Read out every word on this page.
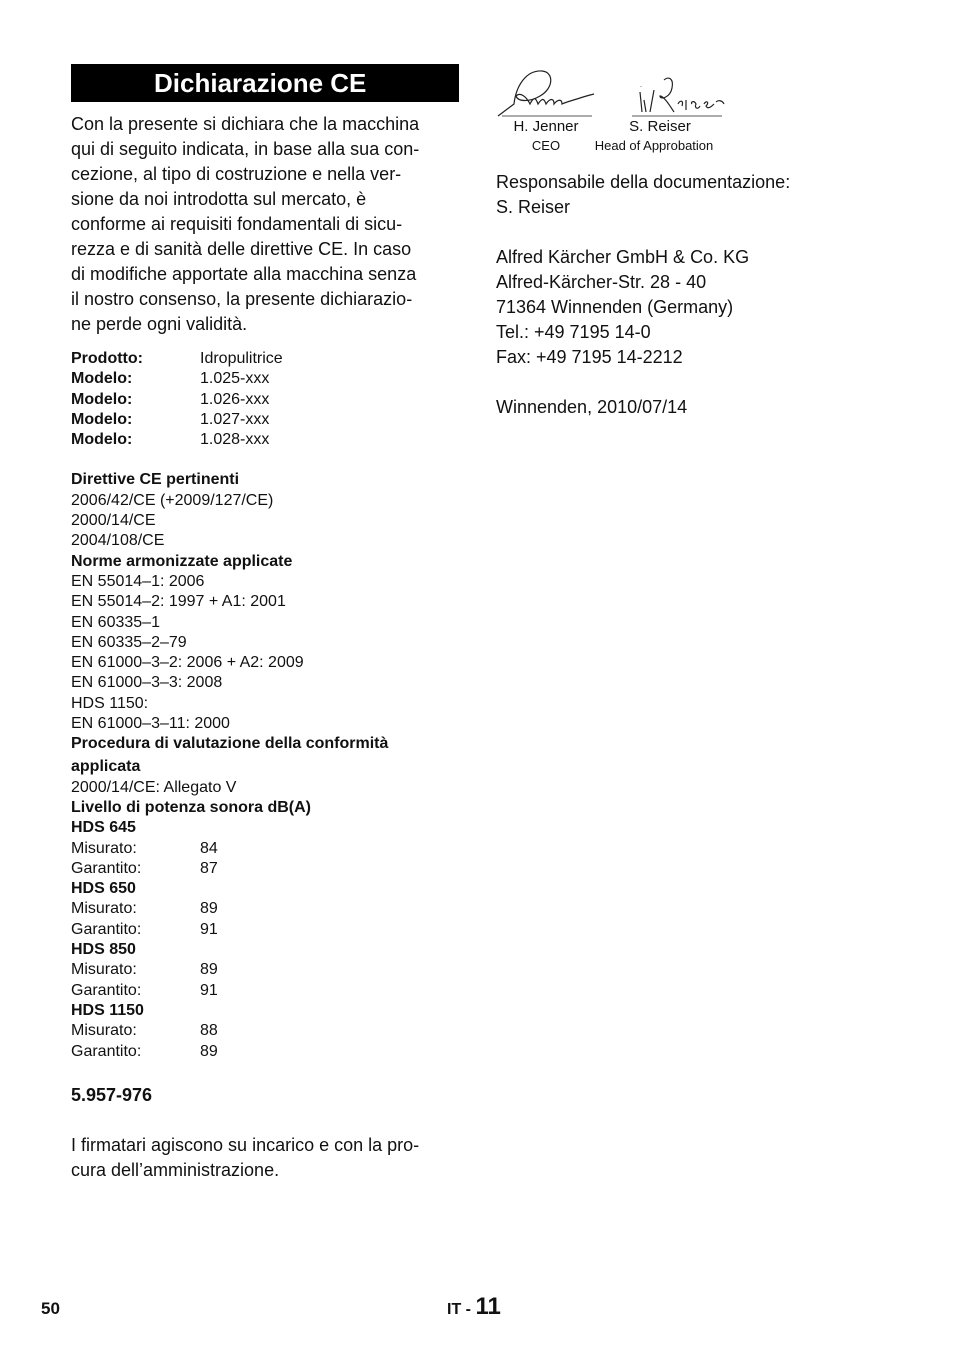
Dichiarazione CE
Con la presente si dichiara che la macchina
qui di seguito indicata, in base alla sua con-
cezione, al tipo di costruzione e nella ver-
sione da noi introdotta sul mercato, è
conforme ai requisiti fondamentali di sicu-
rezza e di sanità delle direttive CE. In caso
di modifiche apportate alla macchina senza
il nostro consenso, la presente dichiarazio-
ne perde ogni validità.
Prodotto:	Idropulitrice
Modelo:	1.025-xxx
Modelo:	1.026-xxx
Modelo:	1.027-xxx
Modelo:	1.028-xxx
Direttive CE pertinenti
2006/42/CE (+2009/127/CE)
2000/14/CE
2004/108/CE
Norme armonizzate applicate
EN 55014–1: 2006
EN 55014–2: 1997 + A1: 2001
EN 60335–1
EN 60335–2–79
EN 61000–3–2: 2006 + A2: 2009
EN 61000–3–3: 2008
HDS 1150:
EN 61000–3–11: 2000
Procedura di valutazione della conformità
applicata
2000/14/CE: Allegato V
Livello di potenza sonora dB(A)
HDS 645
Misurato:	84
Garantito:	87
HDS 650
Misurato:	89
Garantito:	91
HDS 850
Misurato:	89
Garantito:	91
HDS 1150
Misurato:	88
Garantito:	89
5.957-976
I firmatari agiscono su incarico e con la pro-
cura dell’amministrazione.
H. Jenner
CEO
S. Reiser
Head of Approbation
Responsabile della documentazione:
S. Reiser
Alfred Kärcher GmbH & Co. KG
Alfred-Kärcher-Str. 28 - 40
71364 Winnenden (Germany)
Tel.: +49 7195 14-0
Fax: +49 7195 14-2212
Winnenden, 2010/07/14
50	IT - 11
